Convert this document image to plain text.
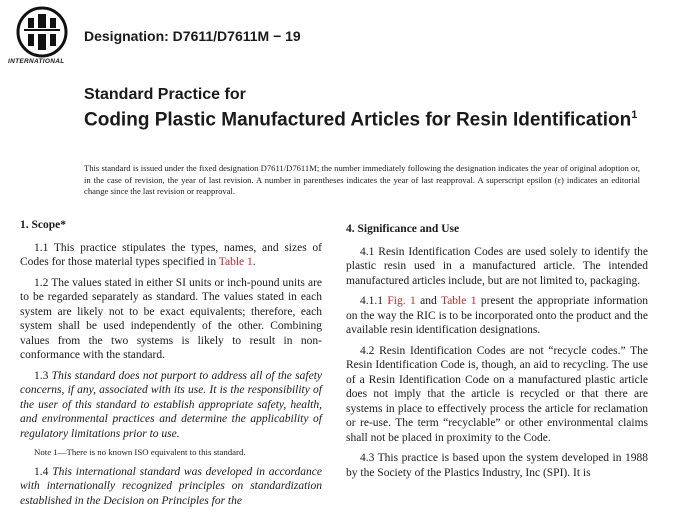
INTERNATIONAL
Designation: D7611/D7611M − 19
Standard Practice for
Coding Plastic Manufactured Articles for Resin Identification$^1$
This standard is issued under the fixed designation D7611/D7611M; the number immediately following the designation indicates the year of original adoption or, in the case of revision, the year of last revision. A number in parentheses indicates the year of last reapproval. A superscript epsilon (ε) indicates an editorial change since the last revision or reapproval.
1. Scope*

1.1 This practice stipulates the types, names, and sizes of Codes for those material types specified in Table 1.

1.2 The values stated in either SI units or inch-pound units are to be regarded separately as standard. The values stated in each system are likely not to be exact equivalents; therefore, each system shall be used independently of the other. Combining values from the two systems is likely to result in non-conformance with the standard.

1.3 This standard does not purport to address all of the safety concerns, if any, associated with its use. It is the responsibility of the user of this standard to establish appropriate safety, health, and environmental practices and determine the applicability of regulatory limitations prior to use.

Note 1—There is no known ISO equivalent to this standard.

1.4 This international standard was developed in accordance with internationally recognized principles on standardization established in the Decision on Principles for the

4. Significance and Use

4.1 Resin Identification Codes are used solely to identify the plastic resin used in a manufactured article. The intended manufactured articles include, but are not limited to, packaging.

4.1.1 Fig. 1 and Table 1 present the appropriate information on the way the RIC is to be incorporated onto the product and the available resin identification designations.

4.2 Resin Identification Codes are not “recycle codes.” The Resin Identification Code is, though, an aid to recycling. The use of a Resin Identification Code on a manufactured plastic article does not imply that the article is recycled or that there are systems in place to effectively process the article for reclamation or re-use. The term “recyclable” or other environmental claims shall not be placed in proximity to the Code.

4.3 This practice is based upon the system developed in 1988 by the Society of the Plastics Industry, Inc (SPI). It is
